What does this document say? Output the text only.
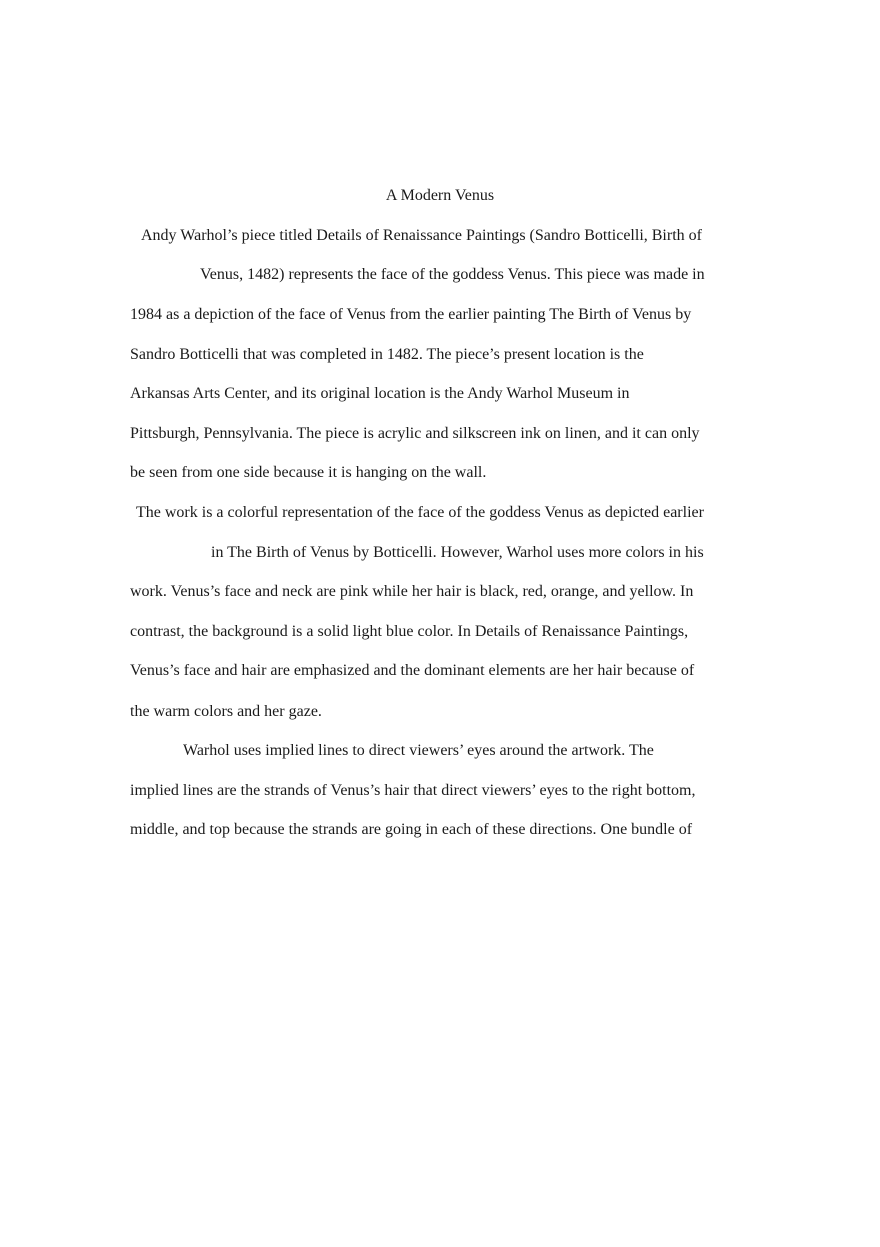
A Modern Venus
Andy Warhol’s piece titled Details of Renaissance Paintings (Sandro Botticelli, Birth of
Venus, 1482) represents the face of the goddess Venus. This piece was made in
1984 as a depiction of the face of Venus from the earlier painting The Birth of Venus by
Sandro Botticelli that was completed in 1482. The piece’s present location is the
Arkansas Arts Center, and its original location is the Andy Warhol Museum in
Pittsburgh, Pennsylvania. The piece is acrylic and silkscreen ink on linen, and it can only
be seen from one side because it is hanging on the wall.
The work is a colorful representation of the face of the goddess Venus as depicted earlier
in The Birth of Venus by Botticelli. However, Warhol uses more colors in his
work. Venus’s face and neck are pink while her hair is black, red, orange, and yellow. In
contrast, the background is a solid light blue color. In Details of Renaissance Paintings,
Venus’s face and hair are emphasized and the dominant elements are her hair because of
the warm colors and her gaze.
Warhol uses implied lines to direct viewers’ eyes around the artwork. The
implied lines are the strands of Venus’s hair that direct viewers’ eyes to the right bottom,
middle, and top because the strands are going in each of these directions. One bundle of
